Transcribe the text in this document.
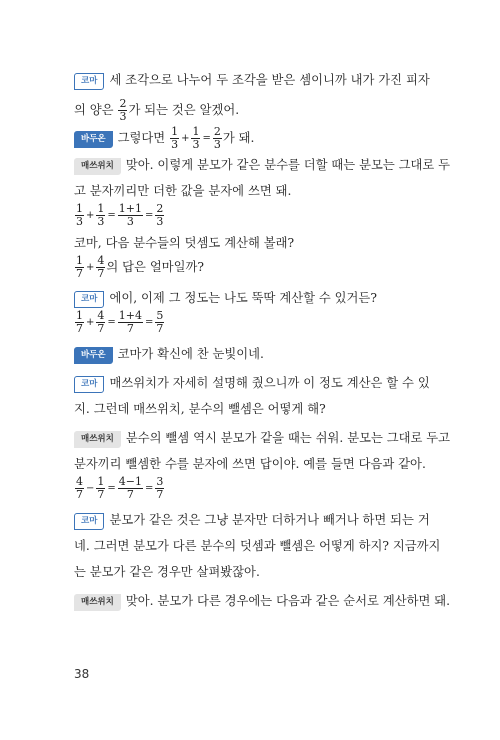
코마 세 조각으로 나누어 두 조각을 받은 셈이니까 내가 가진 피자
의 양은 $\frac{2}{3}$ 가 되는 것은 알겠어.
바두온 그렇다면 $\frac{1}{3} + \frac{1}{3} = \frac{2}{3}$ 가 돼.
매쓰위치 맞아. 이렇게 분모가 같은 분수를 더할 때는 분모는 그대로 두
고 분자끼리만 더한 값을 분자에 쓰면 돼.
$\frac{1}{3} + \frac{1}{3} = \frac{1+1}{3} = \frac{2}{3}$
코마, 다음 분수들의 덧셈도 계산해 볼래?
$\frac{1}{7} + \frac{4}{7}$ 의 답은 얼마일까?
코마 에이, 이제 그 정도는 나도 뚝딱 계산할 수 있거든?
$\frac{1}{7} + \frac{4}{7} = \frac{1+4}{7} = \frac{5}{7}$
바두온 코마가 확신에 찬 눈빛이네.
코마 매쓰위치가 자세히 설명해 줬으니까 이 정도 계산은 할 수 있
지. 그런데 매쓰위치, 분수의 뺄셈은 어떻게 해?
매쓰위치 분수의 뺄셈 역시 분모가 같을 때는 쉬워. 분모는 그대로 두고
분자끼리 뺄셈한 수를 분자에 쓰면 답이야. 예를 들면 다음과 같아.
$\frac{4}{7} - \frac{1}{7} = \frac{4-1}{7} = \frac{3}{7}$
코마 분모가 같은 것은 그냥 분자만 더하거나 빼거나 하면 되는 거
네. 그러면 분모가 다른 분수의 덧셈과 뺄셈은 어떻게 하지? 지금까지
는 분모가 같은 경우만 살펴봤잖아.
매쓰위치 맞아. 분모가 다른 경우에는 다음과 같은 순서로 계산하면 돼.
38
